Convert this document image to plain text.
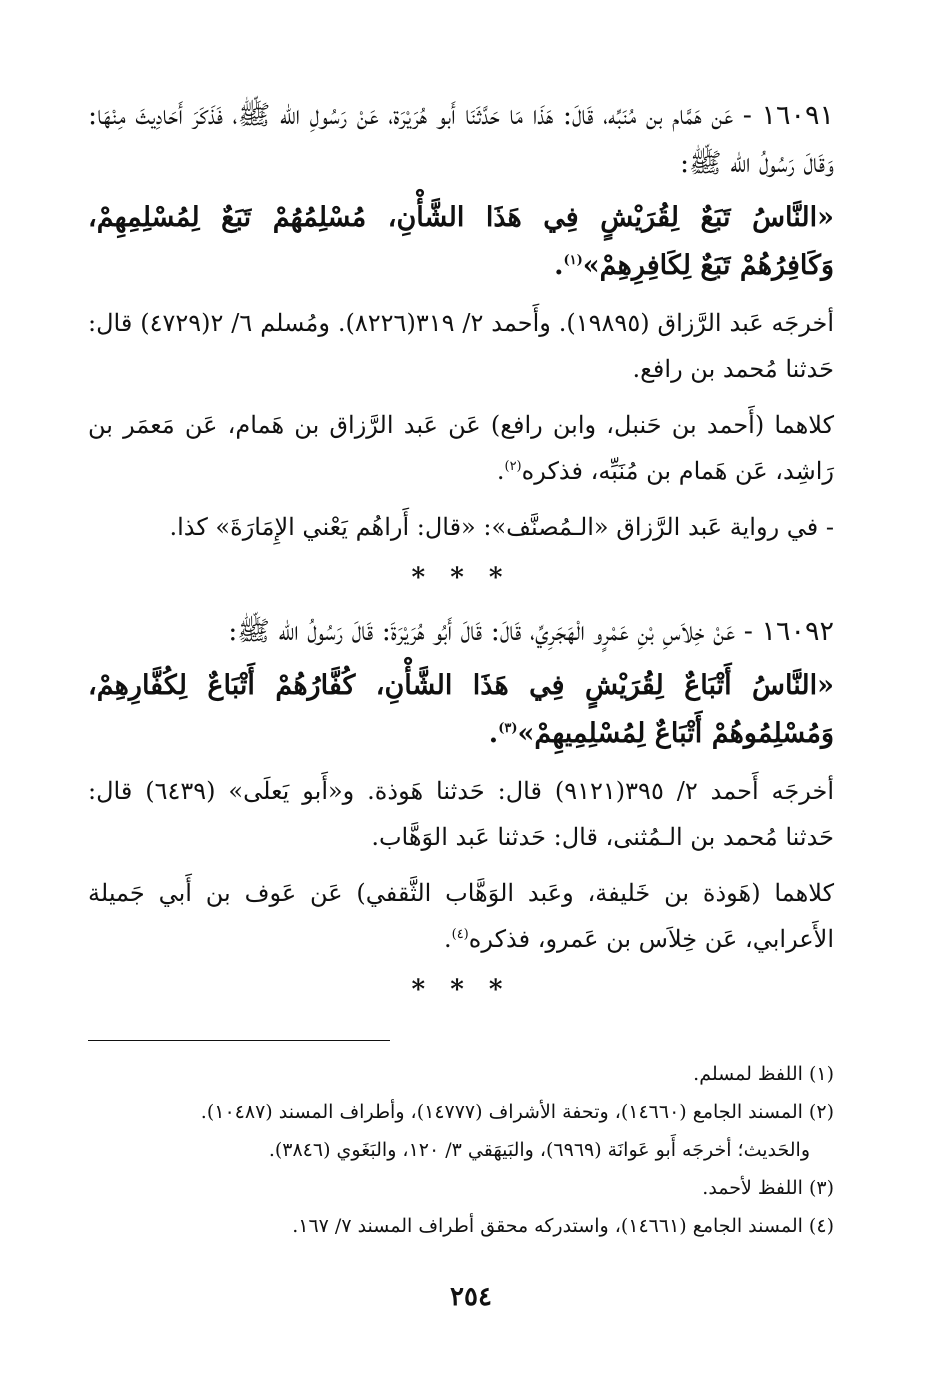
١٦٠٩١ - عَن هَمَّام بن مُنَبِّه، قَالَ: هَذَا مَا حَدَّثَنَا أَبو هُرَيْرَة، عَنْ رَسُولِ الله ﷺ، فَذَكَرَ أَحَادِيثَ مِنْهَا: وَقَالَ رَسُولُ الله ﷺ:

«النَّاسُ تَبَعٌ لِقُرَيْشٍ فِي هَذَا الشَّأْنِ، مُسْلِمُهُمْ تَبَعٌ لِمُسْلِمِهِمْ، وَكَافِرُهُمْ تَبَعٌ لِكَافِرِهِمْ»$^{(١)}$.

أخرجَه عَبد الرَّزاق (١٩٨٩٥). وأَحمد ٢/ ٣١٩(٨٢٢٦). ومُسلم ٦/ ٢(٤٧٢٩) قال: حَدثنا مُحمد بن رافع.

كلاهما (أَحمد بن حَنبل، وابن رافع) عَن عَبد الرَّزاق بن هَمام، عَن مَعمَر بن رَاشِد، عَن هَمام بن مُنَبِّه، فذكره$^{(٢)}$.

- في رواية عَبد الرَّزاق «الـمُصنَّف»: «قال: أَراهُم يَعْني الإِمَارَةَ» كذا.

* * *

١٦٠٩٢ - عَنْ خِلاَسِ بْنِ عَمْرٍو الْهَجَرِيِّ، قَالَ: قَالَ أَبُو هُرَيْرَةَ: قَالَ رَسُولُ الله ﷺ:

«النَّاسُ أَتْبَاعٌ لِقُرَيْشٍ فِي هَذَا الشَّأْنِ، كُفَّارُهُمْ أَتْبَاعٌ لِكُفَّارِهِمْ، وَمُسْلِمُوهُمْ أَتْبَاعٌ لِمُسْلِمِيهِمْ»$^{(٣)}$.

أخرجَه أَحمد ٢/ ٣٩٥(٩١٢١) قال: حَدثنا هَوذة. و«أَبو يَعلَى» (٦٤٣٩) قال: حَدثنا مُحمد بن الـمُثنى، قال: حَدثنا عَبد الوَهَّاب.

كلاهما (هَوذة بن خَليفة، وعَبد الوَهَّاب الثَّقفي) عَن عَوف بن أَبي جَميلة الأَعرابي، عَن خِلاَس بن عَمرو، فذكره$^{(٤)}$.

* * *

(١) اللفظ لمسلم.

(٢) المسند الجامع (١٤٦٦٠)، وتحفة الأشراف (١٤٧٧٧)، وأطراف المسند (١٠٤٨٧).

والحَديث؛ أخرجَه أَبو عَوانَة (٦٩٦٩)، والبَيهَقي ٣/ ١٢٠، والبَغَوي (٣٨٤٦).

(٣) اللفظ لأحمد.

(٤) المسند الجامع (١٤٦٦١)، واستدركه محقق أطراف المسند ٧/ ١٦٧.

٢٥٤
